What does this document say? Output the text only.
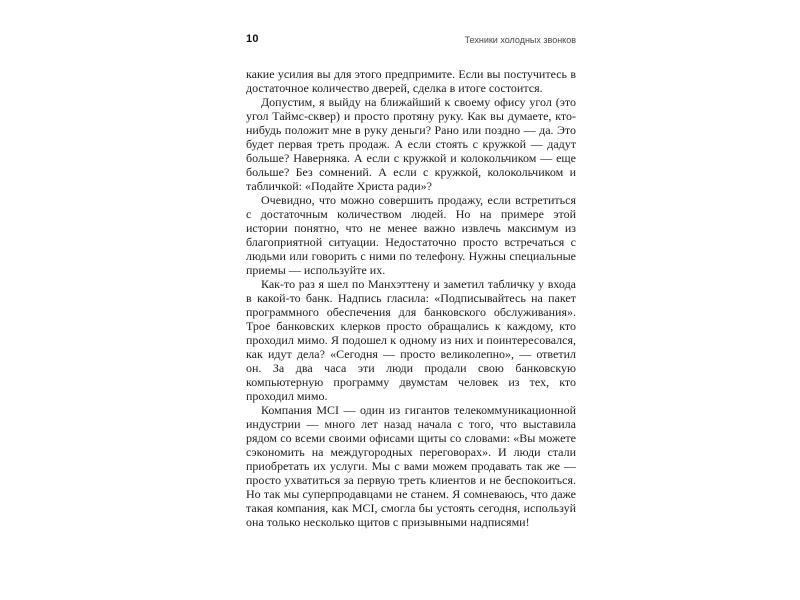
10	Техники холодных звонков

какие усилия вы для этого предпримите. Если вы постучитесь в достаточное количество дверей, сделка в итоге состоится.

Допустим, я выйду на ближайший к своему офису угол (это угол Таймс-сквер) и просто протяну руку. Как вы думаете, кто-нибудь положит мне в руку деньги? Рано или поздно — да. Это будет первая треть продаж. А если стоять с кружкой — дадут больше? Наверняка. А если с кружкой и колокольчиком — еще больше? Без сомнений. А если с кружкой, колокольчиком и табличкой: «Подайте Христа ради»?

Очевидно, что можно совершить продажу, если встретиться с достаточным количеством людей. Но на примере этой истории понятно, что не менее важно извлечь максимум из благоприятной ситуации. Недостаточно просто встречаться с людьми или говорить с ними по телефону. Нужны специальные приемы — используйте их.

Как-то раз я шел по Манхэттену и заметил табличку у входа в какой-то банк. Надпись гласила: «Подписывайтесь на пакет программного обеспечения для банковского обслуживания». Трое банковских клерков просто обращались к каждому, кто проходил мимо. Я подошел к одному из них и поинтересовался, как идут дела? «Сегодня — просто великолепно», — ответил он. За два часа эти люди продали свою банковскую компьютерную программу двумстам человек из тех, кто проходил мимо.

Компания MCI — один из гигантов телекоммуникационной индустрии — много лет назад начала с того, что выставила рядом со всеми своими офисами щиты со словами: «Вы можете сэкономить на междугородных переговорах». И люди стали приобретать их услуги. Мы с вами можем продавать так же — просто ухватиться за первую треть клиентов и не беспокоиться. Но так мы суперпродавцами не станем. Я сомневаюсь, что даже такая компания, как MCI, смогла бы устоять сегодня, используй она только несколько щитов с призывными надписями!
